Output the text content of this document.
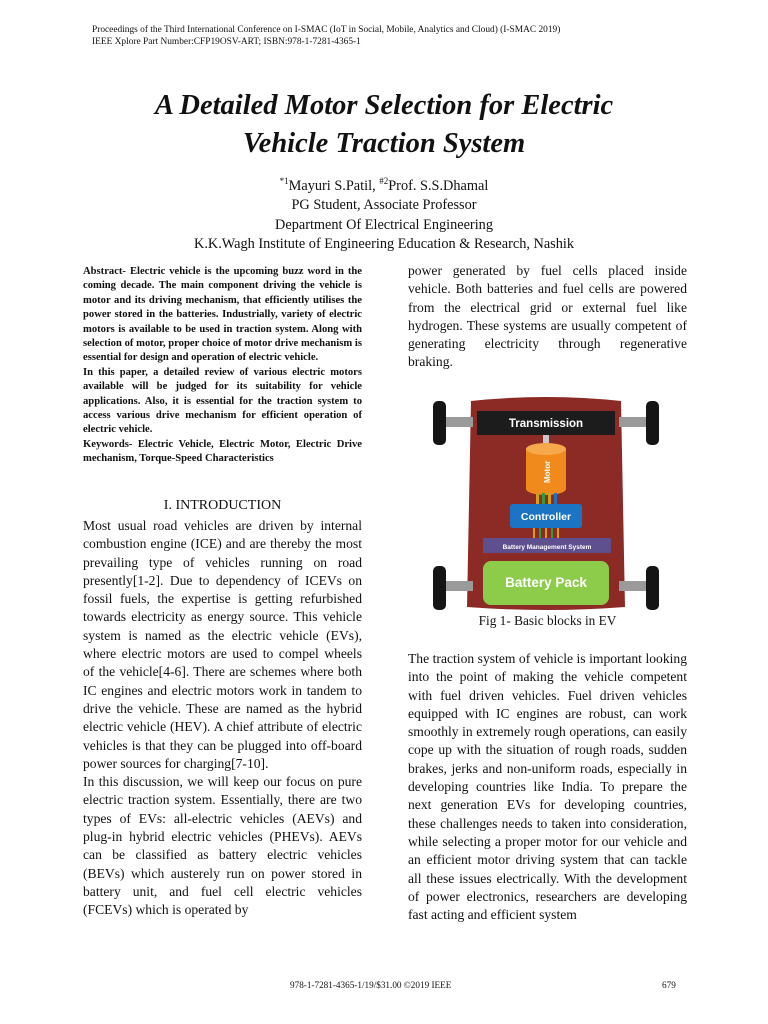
Proceedings of the Third International Conference on I-SMAC (IoT in Social, Mobile, Analytics and Cloud) (I-SMAC 2019)
IEEE Xplore Part Number:CFP19OSV-ART; ISBN:978-1-7281-4365-1
A Detailed Motor Selection for Electric
Vehicle Traction System
$^{*1}$Mayuri S.Patil, $^{\#2}$Prof. S.S.Dhamal
PG Student, Associate Professor
Department Of Electrical Engineering
K.K.Wagh Institute of Engineering Education & Research, Nashik

Abstract- Electric vehicle is the upcoming buzz word in the coming decade. The main component driving the vehicle is motor and its driving mechanism, that efficiently utilises the power stored in the batteries. Industrially, variety of electric motors is available to be used in traction system. Along with selection of motor, proper choice of motor drive mechanism is essential for design and operation of electric vehicle.

In this paper, a detailed review of various electric motors available will be judged for its suitability for vehicle applications. Also, it is essential for the traction system to access various drive mechanism for efficient operation of electric vehicle.

Keywords- Electric Vehicle, Electric Motor, Electric Drive mechanism, Torque-Speed Characteristics

I. INTRODUCTION

Most usual road vehicles are driven by internal combustion engine (ICE) and are thereby the most prevailing type of vehicles running on road presently[1-2]. Due to dependency of ICEVs on fossil fuels, the expertise is getting refurbished towards electricity as energy source. This vehicle system is named as the electric vehicle (EVs), where electric motors are used to compel wheels of the vehicle[4-6]. There are schemes where both IC engines and electric motors work in tandem to drive the vehicle. These are named as the hybrid electric vehicle (HEV). A chief attribute of electric vehicles is that they can be plugged into off-board power sources for charging[7-10].

In this discussion, we will keep our focus on pure electric traction system. Essentially, there are two types of EVs: all-electric vehicles (AEVs) and plug-in hybrid electric vehicles (PHEVs). AEVs can be classified as battery electric vehicles (BEVs) which austerely run on power stored in battery unit, and fuel cell electric vehicles (FCEVs) which is operated by

power generated by fuel cells placed inside vehicle. Both batteries and fuel cells are powered from the electrical grid or external fuel like hydrogen. These systems are usually competent of generating electricity through regenerative braking.

Transmission
Motor
Controller
Battery Management System
Battery Pack
Fig 1- Basic blocks in EV

The traction system of vehicle is important looking into the point of making the vehicle competent with fuel driven vehicles. Fuel driven vehicles equipped with IC engines are robust, can work smoothly in extremely rough operations, can easily cope up with the situation of rough roads, sudden brakes, jerks and non-uniform roads, especially in developing countries like India. To prepare the next generation EVs for developing countries, these challenges needs to taken into consideration, while selecting a proper motor for our vehicle and an efficient motor driving system that can tackle all these issues electrically. With the development of power electronics, researchers are developing fast acting and efficient system

978-1-7281-4365-1/19/$31.00 ©2019 IEEE	679
